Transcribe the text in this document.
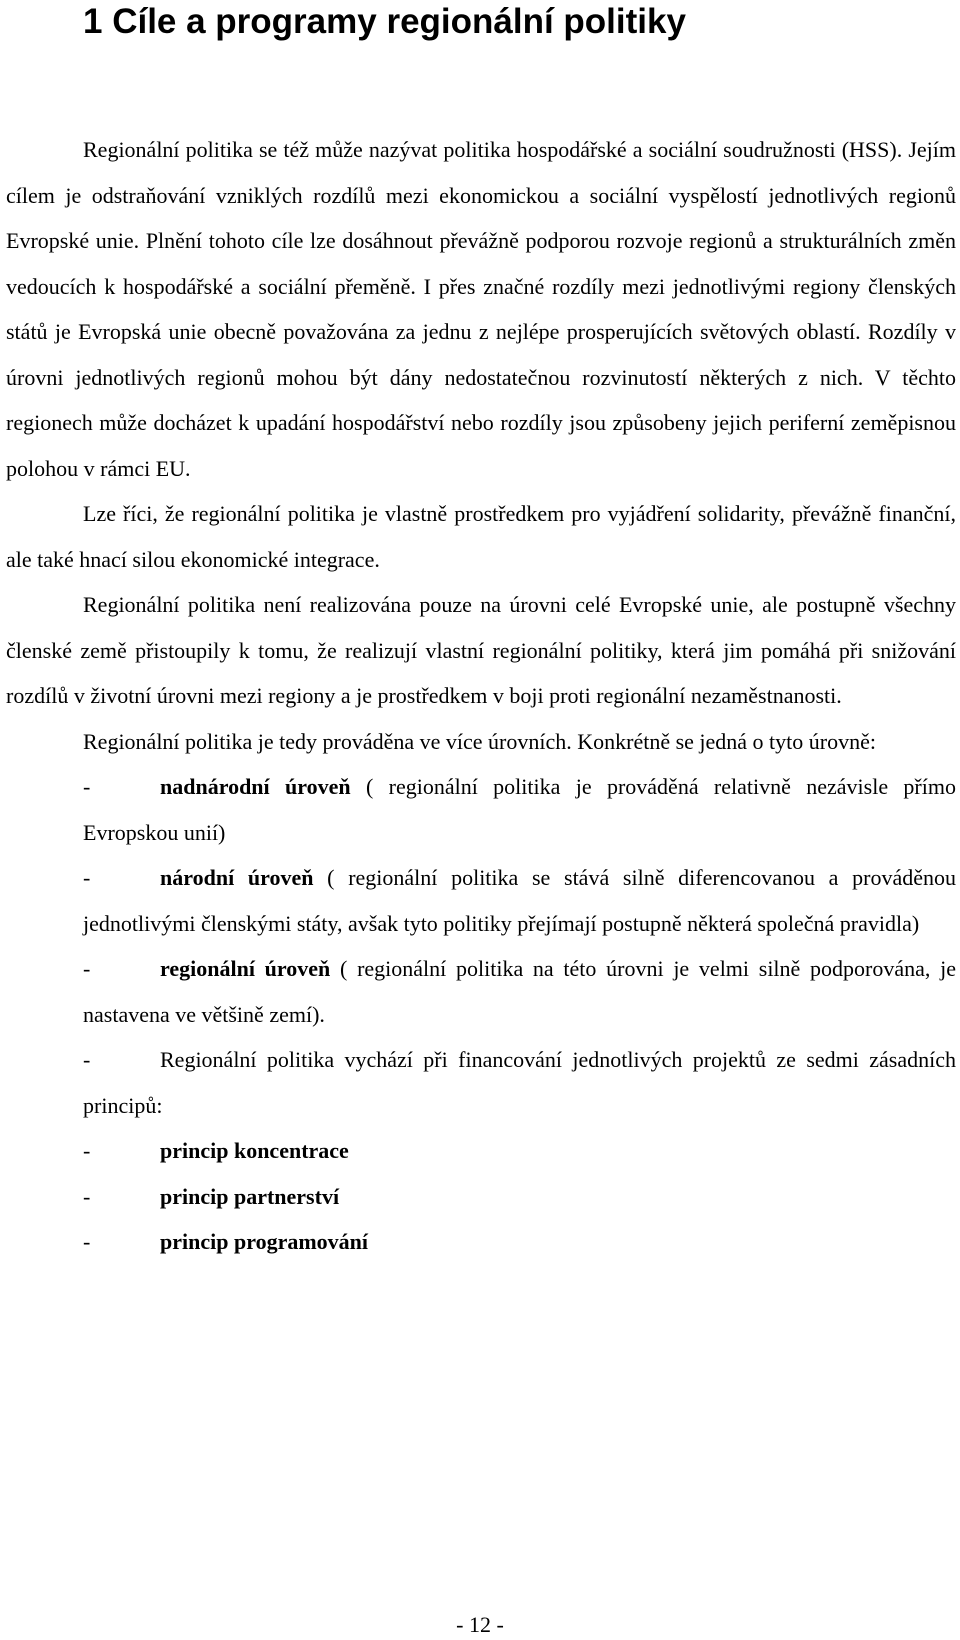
1 Cíle a programy regionální politiky

Regionální politika se též může nazývat politika hospodářské a sociální soudružnosti (HSS). Jejím cílem je odstraňování vzniklých rozdílů mezi ekonomickou a sociální vyspělostí jednotlivých regionů Evropské unie. Plnění tohoto cíle lze dosáhnout převážně podporou rozvoje regionů a strukturálních změn vedoucích k hospodářské a sociální přeměně. I přes značné rozdíly mezi jednotlivými regiony členských států je Evropská unie obecně považována za jednu z nejlépe prosperujících světových oblastí. Rozdíly v úrovni jednotlivých regionů mohou být dány nedostatečnou rozvinutostí některých z nich. V těchto regionech může docházet k upadání hospodářství nebo rozdíly jsou způsobeny jejich periferní zeměpisnou polohou v rámci EU.

Lze říci, že regionální politika je vlastně prostředkem pro vyjádření solidarity, převážně finanční, ale také hnací silou ekonomické integrace.

Regionální politika není realizována pouze na úrovni celé Evropské unie, ale postupně všechny členské země přistoupily k tomu, že realizují vlastní regionální politiky, která jim pomáhá při snižování rozdílů v životní úrovni mezi regiony a je prostředkem v boji proti regionální nezaměstnanosti.

Regionální politika je tedy prováděna ve více úrovních. Konkrétně se jedná o tyto úrovně:

-	nadnárodní úroveň ( regionální politika je prováděná relativně nezávisle přímo Evropskou unií)
-	národní úroveň ( regionální politika se stává silně diferencovanou a prováděnou jednotlivými členskými státy, avšak tyto politiky přejímají postupně některá společná pravidla)
-	regionální úroveň ( regionální politika na této úrovni je velmi silně podporována, je nastavena ve většině zemí).
-	Regionální politika vychází při financování jednotlivých projektů ze sedmi zásadních principů:
-	princip koncentrace
-	princip partnerství
-	princip programování
- 12 -
